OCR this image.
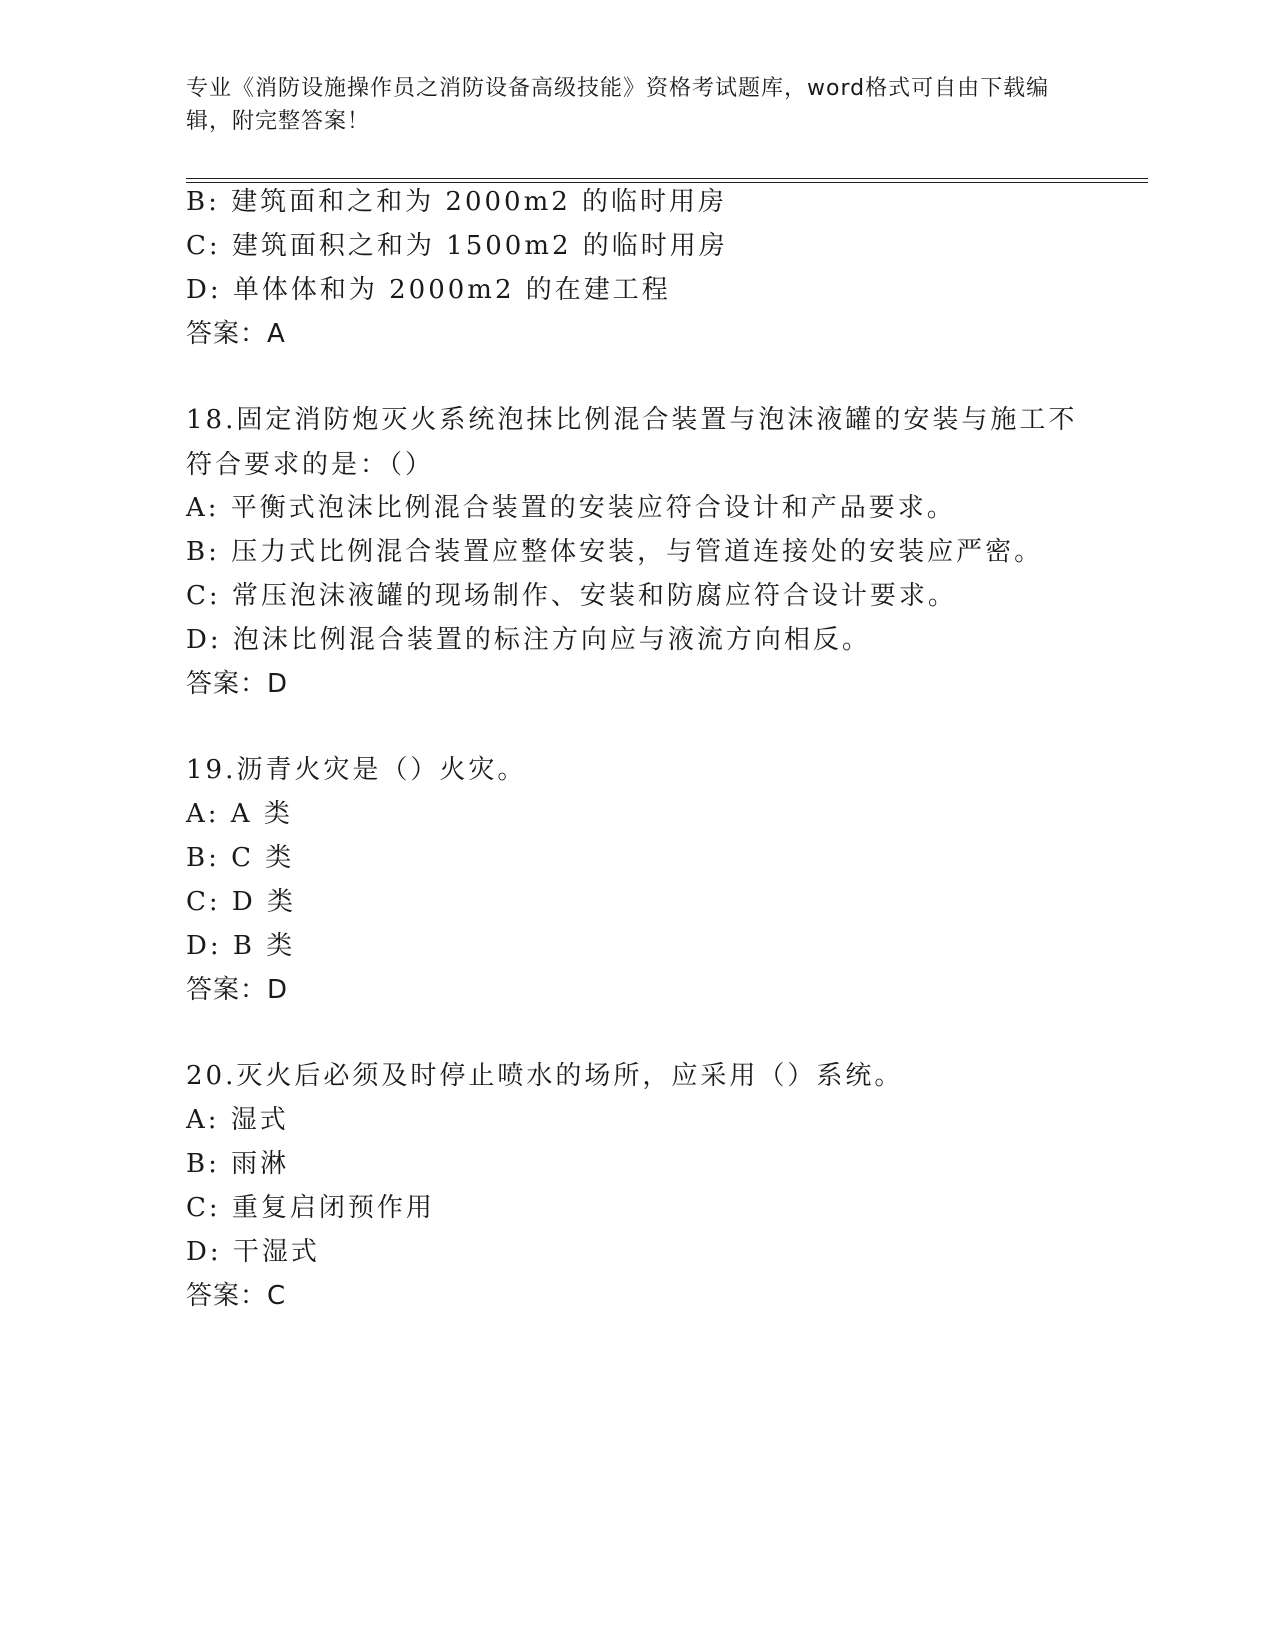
专业《消防设施操作员之消防设备高级技能》资格考试题库，word格式可自由下载编辑，附完整答案！
B: 建筑面和之和为 2000m2 的临时用房
C: 建筑面积之和为 1500m2 的临时用房
D: 单体体和为 2000m2 的在建工程
答案：A
18.固定消防炮灭火系统泡抹比例混合装置与泡沫液罐的安装与施工不符合要求的是：（）
A: 平衡式泡沫比例混合装置的安装应符合设计和产品要求。
B: 压力式比例混合装置应整体安装，与管道连接处的安装应严密。
C: 常压泡沫液罐的现场制作、安装和防腐应符合设计要求。
D: 泡沫比例混合装置的标注方向应与液流方向相反。
答案：D
19.沥青火灾是（）火灾。
A: A 类
B: C 类
C: D 类
D: B 类
答案：D
20.灭火后必须及时停止喷水的场所，应采用（）系统。
A: 湿式
B: 雨淋
C: 重复启闭预作用
D: 干湿式
答案：C
